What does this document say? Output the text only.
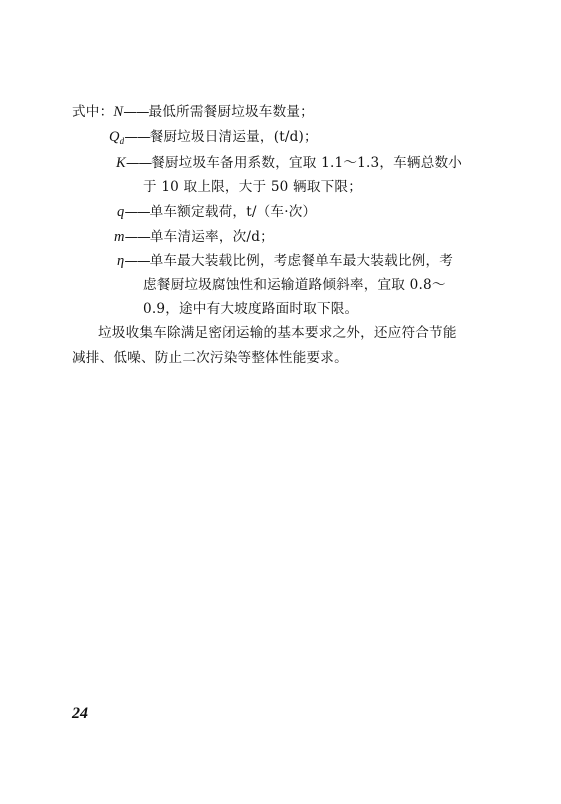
式中：N——最低所需餐厨垃圾车数量；
$Q_d——$餐厨垃圾日清运量，(t/d)；
K——餐厨垃圾车备用系数，宜取 1.1～1.3，车辆总数小
于 10 取上限，大于 50 辆取下限；
q——单车额定载荷，t/（车·次）
m——单车清运率，次/d；
η——单车最大装载比例，考虑餐单车最大装载比例，考
虑餐厨垃圾腐蚀性和运输道路倾斜率，宜取 0.8～
0.9，途中有大坡度路面时取下限。
垃圾收集车除满足密闭运输的基本要求之外，还应符合节能
减排、低噪、防止二次污染等整体性能要求。
24
